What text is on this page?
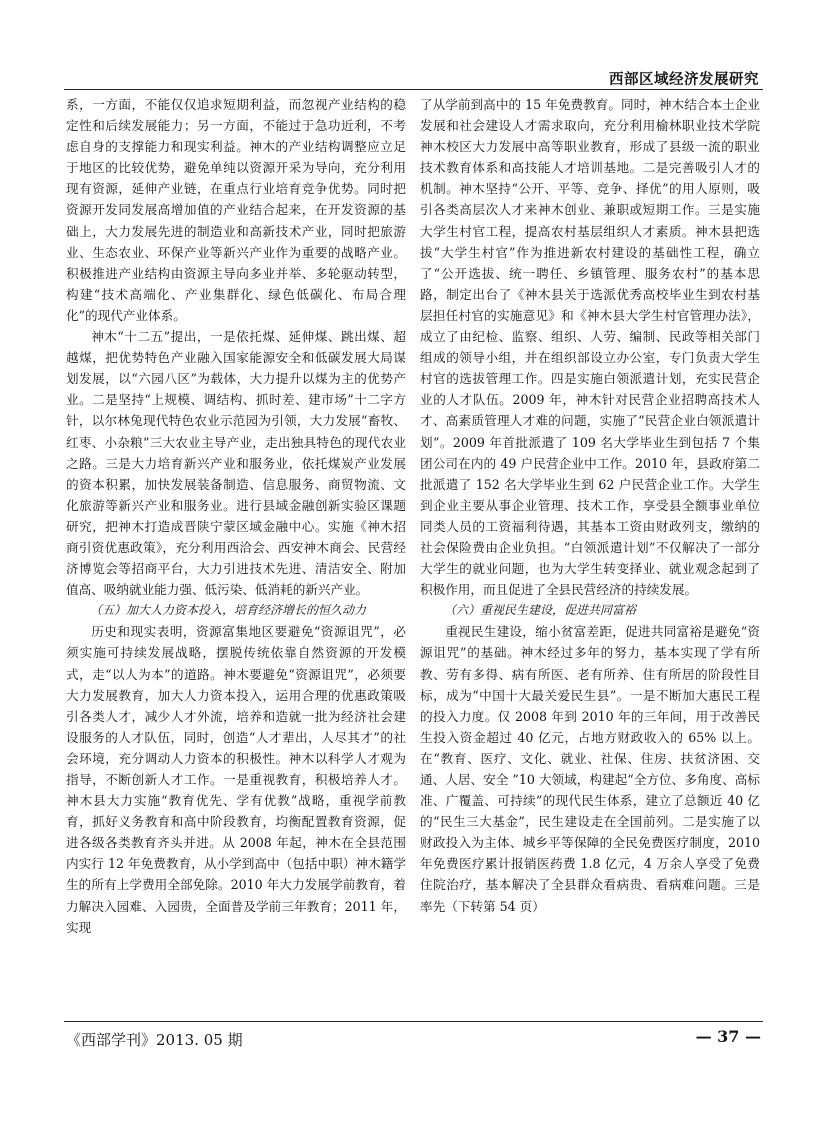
西部区域经济发展研究

系，一方面，不能仅仅追求短期利益，而忽视产业结构的稳定性和后续发展能力；另一方面，不能过于急功近利，不考虑自身的支撑能力和现实利益。神木的产业结构调整应立足于地区的比较优势，避免单纯以资源开采为导向，充分利用现有资源，延伸产业链，在重点行业培育竞争优势。同时把资源开发同发展高增加值的产业结合起来，在开发资源的基础上，大力发展先进的制造业和高新技术产业，同时把旅游业、生态农业、环保产业等新兴产业作为重要的战略产业。积极推进产业结构由资源主导向多业并举、多轮驱动转型，构建“技术高端化、产业集群化、绿色低碳化、布局合理化”的现代产业体系。

神木“十二五”提出，一是依托煤、延伸煤、跳出煤、超越煤，把优势特色产业融入国家能源安全和低碳发展大局谋划发展，以“六园八区”为载体，大力提升以煤为主的优势产业。二是坚持“上规模、调结构、抓时差、建市场”十二字方针，以尔林兔现代特色农业示范园为引领，大力发展“畜牧、红枣、小杂粮”三大农业主导产业，走出独具特色的现代农业之路。三是大力培育新兴产业和服务业，依托煤炭产业发展的资本积累，加快发展装备制造、信息服务、商贸物流、文化旅游等新兴产业和服务业。进行县域金融创新实验区课题研究，把神木打造成晋陕宁蒙区域金融中心。实施《神木招商引资优惠政策》，充分利用西洽会、西安神木商会、民营经济博览会等招商平台，大力引进技术先进、清洁安全、附加值高、吸纳就业能力强、低污染、低消耗的新兴产业。

（五）加大人力资本投入，培育经济增长的恒久动力

历史和现实表明，资源富集地区要避免“资源诅咒”，必须实施可持续发展战略，摆脱传统依靠自然资源的开发模式，走“以人为本”的道路。神木要避免“资源诅咒”，必须要大力发展教育，加大人力资本投入，运用合理的优惠政策吸引各类人才，减少人才外流，培养和造就一批为经济社会建设服务的人才队伍，同时，创造“人才辈出，人尽其才”的社会环境，充分调动人力资本的积极性。神木以科学人才观为指导，不断创新人才工作。一是重视教育，积极培养人才。神木县大力实施“教育优先、学有优教”战略，重视学前教育，抓好义务教育和高中阶段教育，均衡配置教育资源，促进各级各类教育齐头并进。从 2008 年起，神木在全县范围内实行 12 年免费教育，从小学到高中（包括中职）神木籍学生的所有上学费用全部免除。2010 年大力发展学前教育，着力解决入园难、入园贵，全面普及学前三年教育；2011 年，实现

了从学前到高中的 15 年免费教育。同时，神木结合本土企业发展和社会建设人才需求取向，充分利用榆林职业技术学院神木校区大力发展中高等职业教育，形成了县级一流的职业技术教育体系和高技能人才培训基地。二是完善吸引人才的机制。神木坚持“公开、平等、竞争、择优”的用人原则，吸引各类高层次人才来神木创业、兼职或短期工作。三是实施大学生村官工程，提高农村基层组织人才素质。神木县把选拔“大学生村官”作为推进新农村建设的基础性工程，确立了“公开选拔、统一聘任、乡镇管理、服务农村”的基本思路，制定出台了《神木县关于选派优秀高校毕业生到农村基层担任村官的实施意见》和《神木县大学生村官管理办法》，成立了由纪检、监察、组织、人劳、编制、民政等相关部门组成的领导小组，并在组织部设立办公室，专门负责大学生村官的选拔管理工作。四是实施白领派遣计划，充实民营企业的人才队伍。2009 年，神木针对民营企业招聘高技术人才、高素质管理人才难的问题，实施了“民营企业白领派遣计划”。2009 年首批派遣了 109 名大学毕业生到包括 7 个集团公司在内的 49 户民营企业中工作。2010 年，县政府第二批派遣了 152 名大学毕业生到 62 户民营企业工作。大学生到企业主要从事企业管理、技术工作，享受县全额事业单位同类人员的工资福利待遇，其基本工资由财政列支，缴纳的社会保险费由企业负担。“白领派遣计划”不仅解决了一部分大学生的就业问题，也为大学生转变择业、就业观念起到了积极作用，而且促进了全县民营经济的持续发展。

（六）重视民生建设，促进共同富裕

重视民生建设，缩小贫富差距，促进共同富裕是避免“资源诅咒”的基础。神木经过多年的努力，基本实现了学有所教、劳有多得、病有所医、老有所养、住有所居的阶段性目标，成为“中国十大最关爱民生县”。一是不断加大惠民工程的投入力度。仅 2008 年到 2010 年的三年间，用于改善民生投入资金超过 40 亿元，占地方财政收入的 65% 以上。在“教育、医疗、文化、就业、社保、住房、扶贫济困、交通、人居、安全 ”10 大领域，构建起“全方位、多角度、高标准、广覆盖、可持续”的现代民生体系，建立了总额近 40 亿的“民生三大基金”，民生建设走在全国前列。二是实施了以财政投入为主体、城乡平等保障的全民免费医疗制度，2010 年免费医疗累计报销医药费 1.8 亿元，4 万余人享受了免费住院治疗，基本解决了全县群众看病贵、看病难问题。三是率先（下转第 54 页）

《西部学刊》2013. 05 期	— 37 —
